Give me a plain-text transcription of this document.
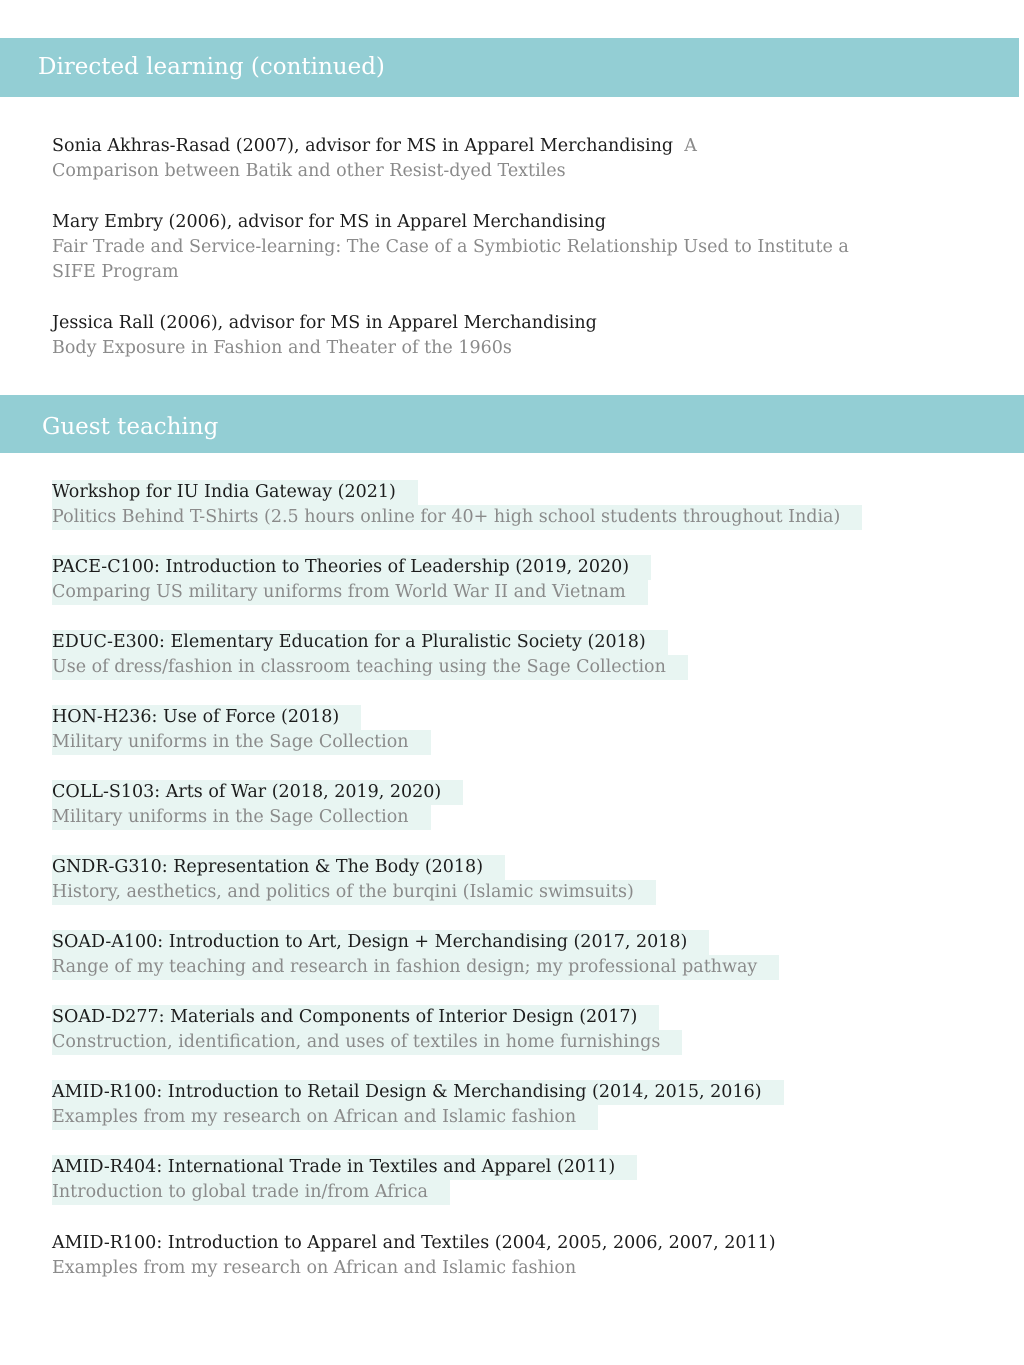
Directed learning (continued)
Sonia Akhras-Rasad (2007), advisor for MS in Apparel Merchandising A
Comparison between Batik and other Resist-dyed Textiles
Mary Embry (2006), advisor for MS in Apparel Merchandising
Fair Trade and Service-learning: The Case of a Symbiotic Relationship Used to Institute a SIFE Program
Jessica Rall (2006), advisor for MS in Apparel Merchandising
Body Exposure in Fashion and Theater of the 1960s
Guest teaching
Workshop for IU India Gateway (2021)
Politics Behind T-Shirts (2.5 hours online for 40+ high school students throughout India)
PACE-C100: Introduction to Theories of Leadership (2019, 2020)
Comparing US military uniforms from World War II and Vietnam
EDUC-E300: Elementary Education for a Pluralistic Society (2018)
Use of dress/fashion in classroom teaching using the Sage Collection
HON-H236: Use of Force (2018)
Military uniforms in the Sage Collection
COLL-S103: Arts of War (2018, 2019, 2020)
Military uniforms in the Sage Collection
GNDR-G310: Representation & The Body (2018)
History, aesthetics, and politics of the burqini (Islamic swimsuits)
SOAD-A100: Introduction to Art, Design + Merchandising (2017, 2018)
Range of my teaching and research in fashion design; my professional pathway
SOAD-D277: Materials and Components of Interior Design (2017)
Construction, identification, and uses of textiles in home furnishings
AMID-R100: Introduction to Retail Design & Merchandising (2014, 2015, 2016)
Examples from my research on African and Islamic fashion
AMID-R404: International Trade in Textiles and Apparel (2011)
Introduction to global trade in/from Africa
AMID-R100: Introduction to Apparel and Textiles (2004, 2005, 2006, 2007, 2011)
Examples from my research on African and Islamic fashion
